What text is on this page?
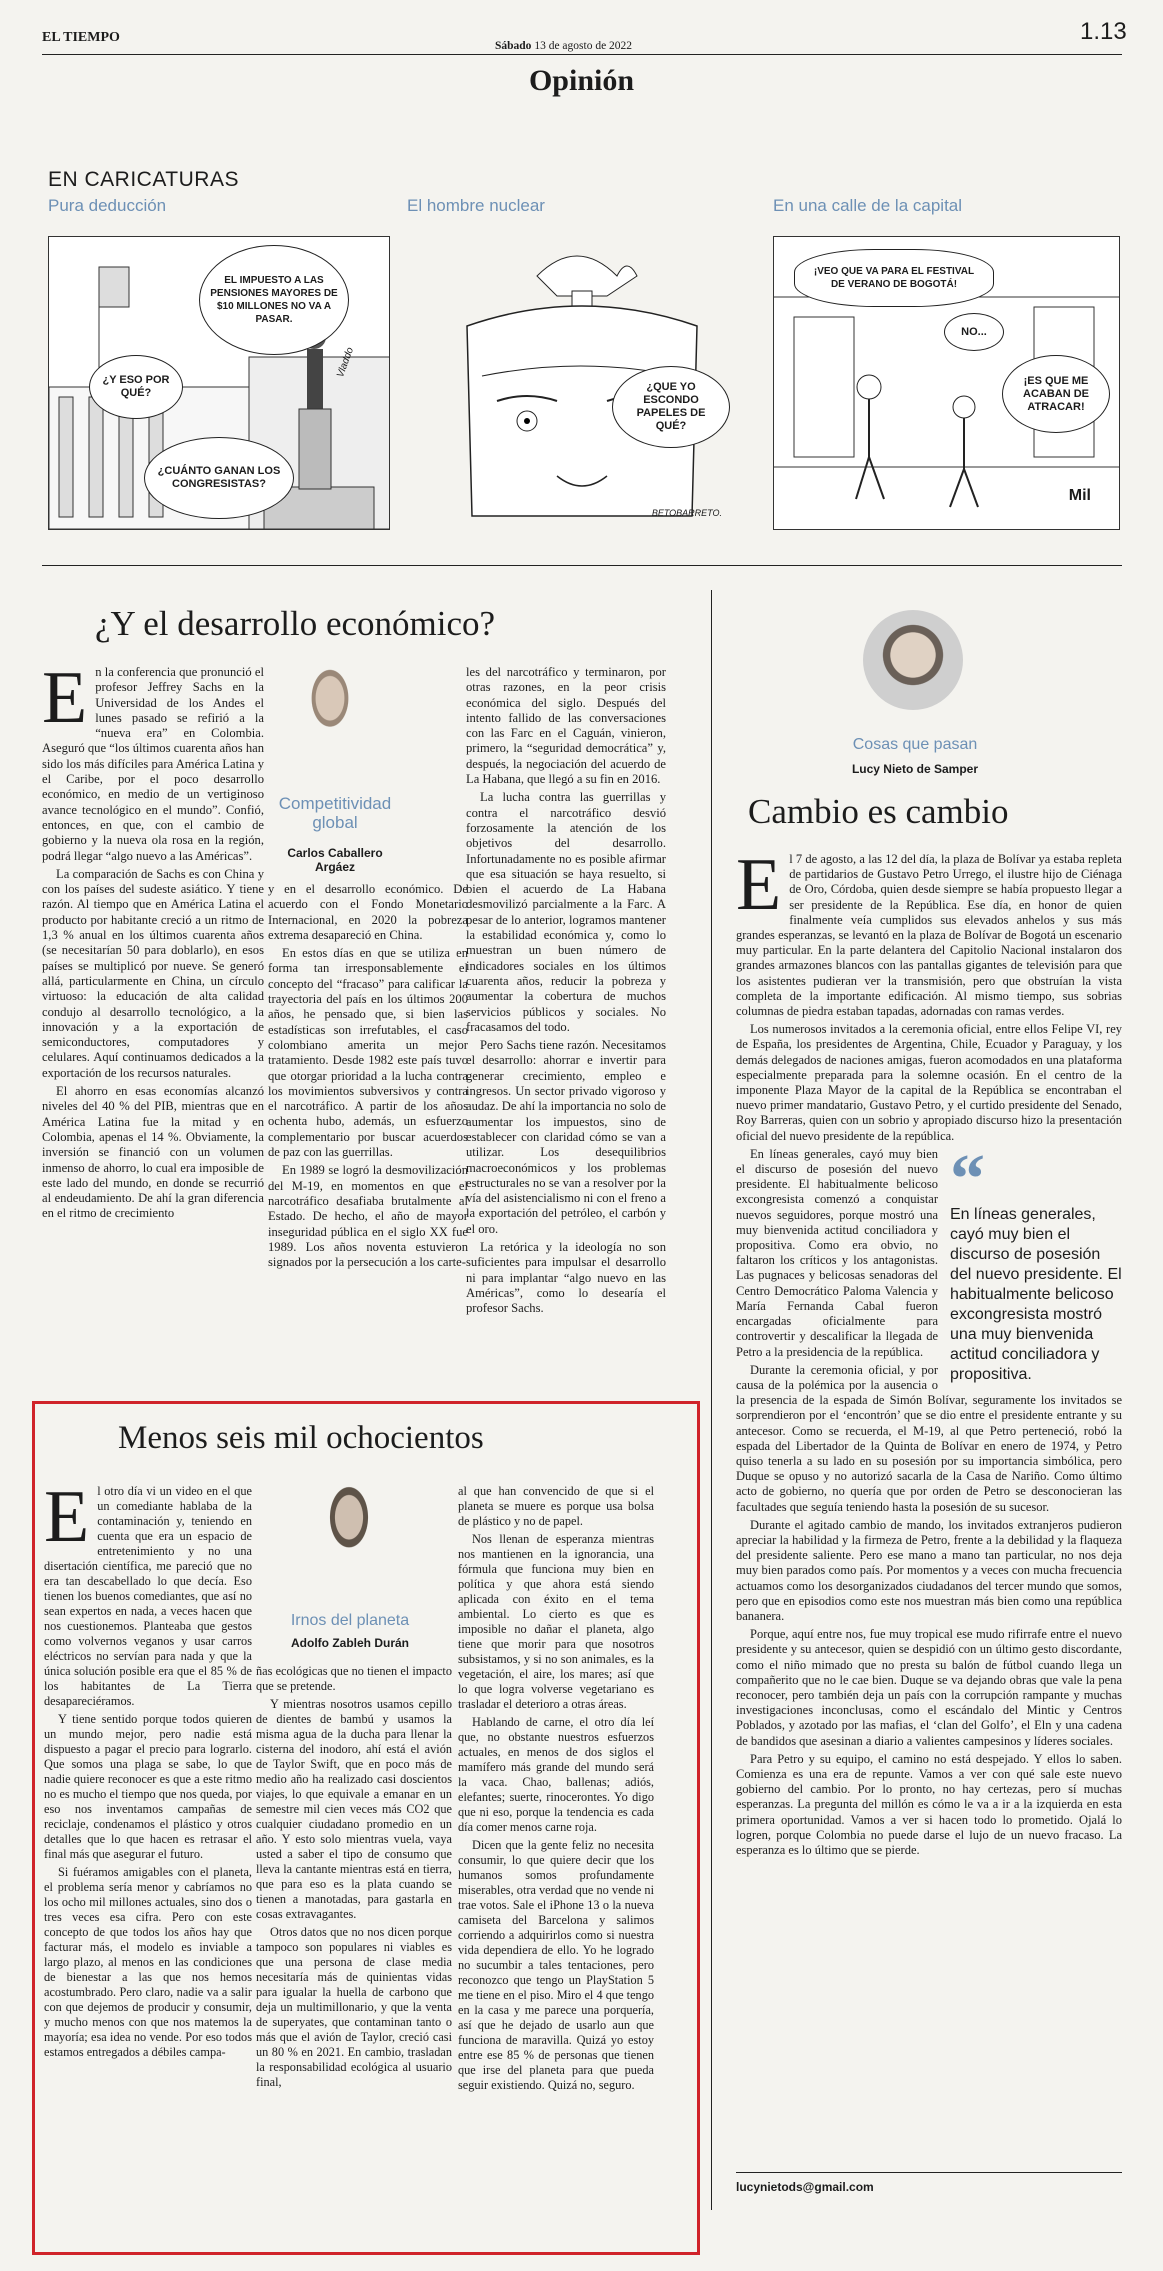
EL TIEMPO
Sábado 13 de agosto de 2022
1.13
Opinión
EN CARICATURAS
Pura deducción	El hombre nuclear	En una calle de la capital
EL IMPUESTO A LAS PENSIONES MAYORES DE $10 MILLONES NO VA A PASAR.
¿Y ESO POR QUÉ?
¿CUÁNTO GANAN LOS CONGRESISTAS?
Vladdo
¿QUE YO ESCONDO PAPELES DE QUÉ?
BETOBARRETO.
¡VEO QUE VA PARA EL FESTIVAL DE VERANO DE BOGOTÁ!
NO...
¡ES QUE ME ACABAN DE ATRACAR!
Mil
¿Y el desarrollo económico?
Competitividad global
Carlos Caballero Argáez

En la conferencia que pronunció el profesor Jeffrey Sachs en la Universidad de los Andes el lunes pasado se refirió a la “nueva era” en Colombia. Aseguró que “los últimos cuarenta años han sido los más difíciles para América Latina y el Caribe, por el poco desarrollo económico, en medio de un vertiginoso avance tecnológico en el mundo”. Confió, entonces, en que, con el cambio de gobierno y la nueva ola rosa en la región, podrá llegar “algo nuevo a las Américas”.

La comparación de Sachs es con China y con los países del sudeste asiático. Y tiene razón. Al tiempo que en América Latina el producto por habitante creció a un ritmo de 1,3 % anual en los últimos cuarenta años (se necesitarían 50 para doblarlo), en esos países se multiplicó por nueve. Se generó allá, particularmente en China, un círculo virtuoso: la educación de alta calidad condujo al desarrollo tecnológico, a la innovación y a la exportación de semiconductores, computadores y celulares. Aquí continuamos dedicados a la exportación de los recursos naturales.

El ahorro en esas economías alcanzó niveles del 40 % del PIB, mientras que en América Latina fue la mitad y en Colombia, apenas el 14 %. Obviamente, la inversión se financió con un volumen inmenso de ahorro, lo cual era imposible de este lado del mundo, en donde se recurrió al endeudamiento. De ahí la gran diferencia en el ritmo de crecimiento

y en el desarrollo económico. De acuerdo con el Fondo Monetario Internacional, en 2020 la pobreza extrema desapareció en China.

En estos días en que se utiliza en forma tan irresponsablemente el concepto del “fracaso” para calificar la trayectoria del país en los últimos 200 años, he pensado que, si bien las estadísticas son irrefutables, el caso colombiano amerita un mejor tratamiento. Desde 1982 este país tuvo que otorgar prioridad a la lucha contra los movimientos subversivos y contra el narcotráfico. A partir de los años ochenta hubo, además, un esfuerzo complementario por buscar acuerdos de paz con las guerrillas.

En 1989 se logró la desmovilización del M-19, en momentos en que el narcotráfico desafiaba brutalmente al Estado. De hecho, el año de mayor inseguridad pública en el siglo XX fue 1989. Los años noventa estuvieron signados por la persecución a los carte-

les del narcotráfico y terminaron, por otras razones, en la peor crisis económica del siglo. Después del intento fallido de las conversaciones con las Farc en el Caguán, vinieron, primero, la “seguridad democrática” y, después, la negociación del acuerdo de La Habana, que llegó a su fin en 2016.

La lucha contra las guerrillas y contra el narcotráfico desvió forzosamente la atención de los objetivos del desarrollo. Infortunadamente no es posible afirmar que esa situación se haya resuelto, si bien el acuerdo de La Habana desmovilizó parcialmente a la Farc. A pesar de lo anterior, logramos mantener la estabilidad económica y, como lo muestran un buen número de indicadores sociales en los últimos cuarenta años, reducir la pobreza y aumentar la cobertura de muchos servicios públicos y sociales. No fracasamos del todo.

Pero Sachs tiene razón. Necesitamos el desarrollo: ahorrar e invertir para generar crecimiento, empleo e ingresos. Un sector privado vigoroso y audaz. De ahí la importancia no solo de aumentar los impuestos, sino de establecer con claridad cómo se van a utilizar. Los desequilibrios macroeconómicos y los problemas estructurales no se van a resolver por la vía del asistencialismo ni con el freno a la exportación del petróleo, el carbón y el oro.

La retórica y la ideología no son suficientes para impulsar el desarrollo ni para implantar “algo nuevo en las Américas”, como lo desearía el profesor Sachs.

Menos seis mil ochocientos
Irnos del planeta
Adolfo Zableh Durán

El otro día vi un video en el que un comediante hablaba de la contaminación y, teniendo en cuenta que era un espacio de entretenimiento y no una disertación científica, me pareció que no era tan descabellado lo que decía. Eso tienen los buenos comediantes, que así no sean expertos en nada, a veces hacen que nos cuestionemos. Planteaba que gestos como volvernos veganos y usar carros eléctricos no servían para nada y que la única solución posible era que el 85 % de los habitantes de La Tierra desapareciéramos.

Y tiene sentido porque todos quieren un mundo mejor, pero nadie está dispuesto a pagar el precio para lograrlo. Que somos una plaga se sabe, lo que nadie quiere reconocer es que a este ritmo no es mucho el tiempo que nos queda, por eso nos inventamos campañas de reciclaje, condenamos el plástico y otros detalles que lo que hacen es retrasar el final más que asegurar el futuro.

Si fuéramos amigables con el planeta, el problema sería menor y cabríamos no los ocho mil millones actuales, sino dos o tres veces esa cifra. Pero con este concepto de que todos los años hay que facturar más, el modelo es inviable a largo plazo, al menos en las condiciones de bienestar a las que nos hemos acostumbrado. Pero claro, nadie va a salir con que dejemos de producir y consumir, y mucho menos con que nos matemos la mayoría; esa idea no vende. Por eso todos estamos entregados a débiles campa-

ñas ecológicas que no tienen el impacto que se pretende.

Y mientras nosotros usamos cepillo de dientes de bambú y usamos la misma agua de la ducha para llenar la cisterna del inodoro, ahí está el avión de Taylor Swift, que en poco más de medio año ha realizado casi doscientos viajes, lo que equivale a emanar en un semestre mil cien veces más CO2 que cualquier ciudadano promedio en un año. Y esto solo mientras vuela, vaya usted a saber el tipo de consumo que lleva la cantante mientras está en tierra, que para eso es la plata cuando se tienen a manotadas, para gastarla en cosas extravagantes.

Otros datos que no nos dicen porque tampoco son populares ni viables es que una persona de clase media necesitaría más de quinientas vidas para igualar la huella de carbono que deja un multimillonario, y que la venta de superyates, que contaminan tanto o más que el avión de Taylor, creció casi un 80 % en 2021. En cambio, trasladan la responsabilidad ecológica al usuario final,

al que han convencido de que si el planeta se muere es porque usa bolsa de plástico y no de papel.

Nos llenan de esperanza mientras nos mantienen en la ignorancia, una fórmula que funciona muy bien en política y que ahora está siendo aplicada con éxito en el tema ambiental. Lo cierto es que es imposible no dañar el planeta, algo tiene que morir para que nosotros subsistamos, y si no son animales, es la vegetación, el aire, los mares; así que lo que logra volverse vegetariano es trasladar el deterioro a otras áreas.

Hablando de carne, el otro día leí que, no obstante nuestros esfuerzos actuales, en menos de dos siglos el mamífero más grande del mundo será la vaca. Chao, ballenas; adiós, elefantes; suerte, rinocerontes. Yo digo que ni eso, porque la tendencia es cada día comer menos carne roja.

Dicen que la gente feliz no necesita consumir, lo que quiere decir que los humanos somos profundamente miserables, otra verdad que no vende ni trae votos. Sale el iPhone 13 o la nueva camiseta del Barcelona y salimos corriendo a adquirirlos como si nuestra vida dependiera de ello. Yo he logrado no sucumbir a tales tentaciones, pero reconozco que tengo un PlayStation 5 me tiene en el piso. Miro el 4 que tengo en la casa y me parece una porquería, así que he dejado de usarlo aun que funciona de maravilla. Quizá yo estoy entre ese 85 % de personas que tienen que irse del planeta para que pueda seguir existiendo. Quizá no, seguro.

Cosas que pasan
Lucy Nieto de Samper
Cambio es cambio

El 7 de agosto, a las 12 del día, la plaza de Bolívar ya estaba repleta de partidarios de Gustavo Petro Urrego, el ilustre hijo de Ciénaga de Oro, Córdoba, quien desde siempre se había propuesto llegar a ser presidente de la República. Ese día, en honor de quien finalmente veía cumplidos sus elevados anhelos y sus más grandes esperanzas, se levantó en la plaza de Bolívar de Bogotá un escenario muy particular. En la parte delantera del Capitolio Nacional instalaron dos grandes armazones blancos con las pantallas gigantes de televisión para que los asistentes pudieran ver la transmisión, pero que obstruían la vista completa de la importante edificación. Al mismo tiempo, sus sobrias columnas de piedra estaban tapadas, adornadas con ramas verdes.

Los numerosos invitados a la ceremonia oficial, entre ellos Felipe VI, rey de España, los presidentes de Argentina, Chile, Ecuador y Paraguay, y los demás delegados de naciones amigas, fueron acomodados en una plataforma especialmente preparada para la solemne ocasión. En el centro de la imponente Plaza Mayor de la capital de la República se encontraban el nuevo primer mandatario, Gustavo Petro, y el curtido presidente del Senado, Roy Barreras, quien con un sobrio y apropiado discurso hizo la presentación oficial del nuevo presidente de la república.

“
En líneas generales, cayó muy bien el discurso de posesión del nuevo presidente. El habitualmente belicoso excongresista mostró una muy bienvenida actitud conciliadora y propositiva.

En líneas generales, cayó muy bien el discurso de posesión del nuevo presidente. El habitualmente belicoso excongresista comenzó a conquistar nuevos seguidores, porque mostró una muy bienvenida actitud conciliadora y propositiva. Como era obvio, no faltaron los críticos y los antagonistas. Las pugnaces y belicosas senadoras del Centro Democrático Paloma Valencia y María Fernanda Cabal fueron encargadas oficialmente para controvertir y descalificar la llegada de Petro a la presidencia de la república.

Durante la ceremonia oficial, y por causa de la polémica por la ausencia o la presencia de la espada de Simón Bolívar, seguramente los invitados se sorprendieron por el ‘encontrón’ que se dio entre el presidente entrante y su antecesor. Como se recuerda, el M-19, al que Petro perteneció, robó la espada del Libertador de la Quinta de Bolívar en enero de 1974, y Petro quiso tenerla a su lado en su posesión por su importancia simbólica, pero Duque se opuso y no autorizó sacarla de la Casa de Nariño. Como último acto de gobierno, no quería que por orden de Petro se desconocieran las facultades que seguía teniendo hasta la posesión de su sucesor.

Durante el agitado cambio de mando, los invitados extranjeros pudieron apreciar la habilidad y la firmeza de Petro, frente a la debilidad y la flaqueza del presidente saliente. Pero ese mano a mano tan particular, no nos deja muy bien parados como país. Por momentos y a veces con mucha frecuencia actuamos como los desorganizados ciudadanos del tercer mundo que somos, pero que en episodios como este nos muestran más bien como una república bananera.

Porque, aquí entre nos, fue muy tropical ese mudo rifirrafe entre el nuevo presidente y su antecesor, quien se despidió con un último gesto discordante, como el niño mimado que no presta su balón de fútbol cuando llega un compañerito que no le cae bien. Duque se va dejando obras que vale la pena reconocer, pero también deja un país con la corrupción rampante y muchas investigaciones inconclusas, como el escándalo del Mintic y Centros Poblados, y azotado por las mafias, el ‘clan del Golfo’, el Eln y una cadena de bandidos que asesinan a diario a valientes campesinos y líderes sociales.

Para Petro y su equipo, el camino no está despejado. Y ellos lo saben. Comienza es una era de repunte. Vamos a ver con qué sale este nuevo gobierno del cambio. Por lo pronto, no hay certezas, pero sí muchas esperanzas. La pregunta del millón es cómo le va a ir a la izquierda en esta primera oportunidad. Vamos a ver si hacen todo lo prometido. Ojalá lo logren, porque Colombia no puede darse el lujo de un nuevo fracaso. La esperanza es lo último que se pierde.

lucynietods@gmail.com
